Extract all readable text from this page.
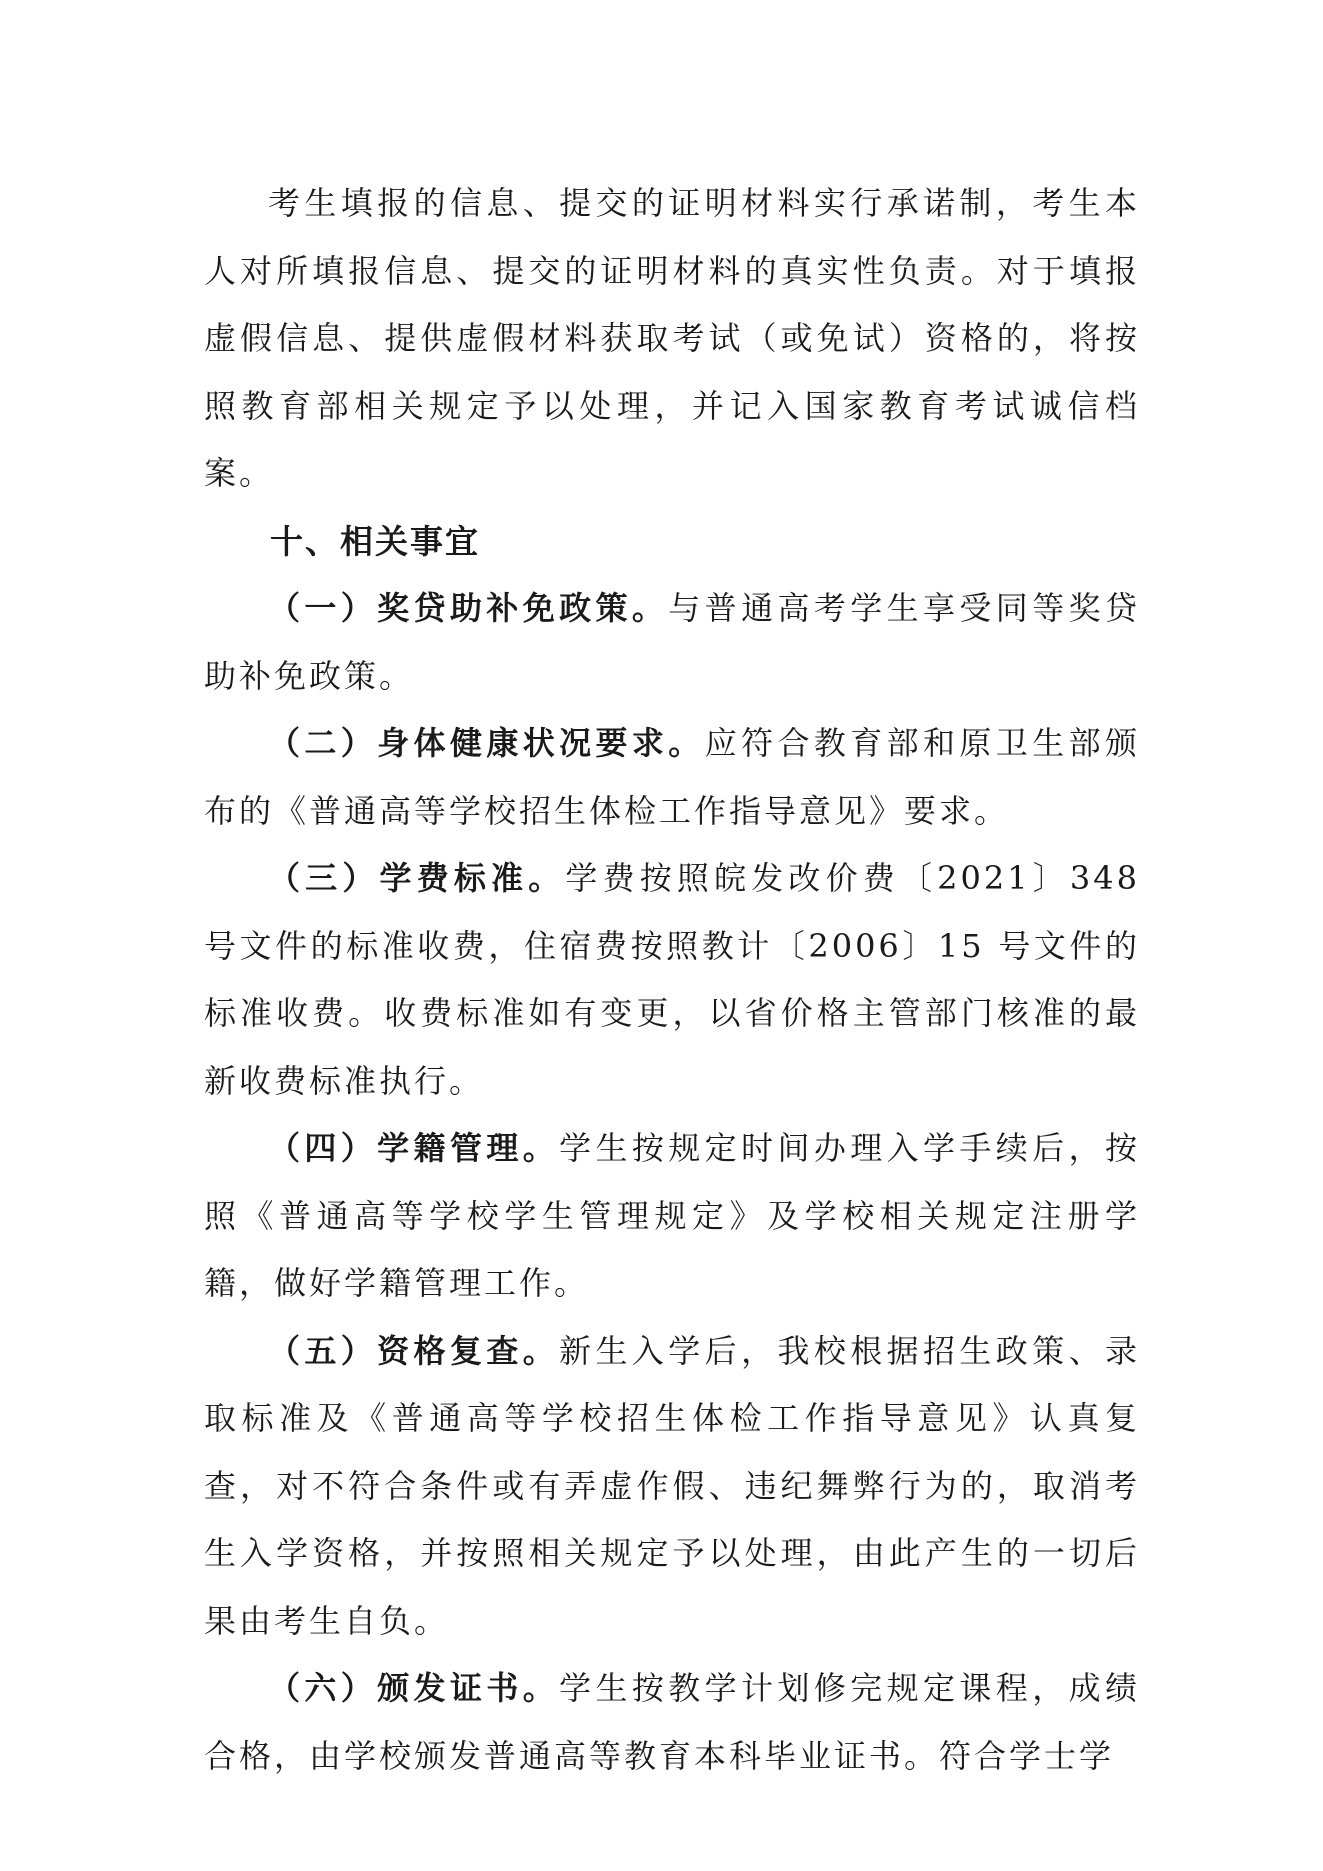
考生填报的信息、提交的证明材料实行承诺制，考生本人对所填报信息、提交的证明材料的真实性负责。对于填报虚假信息、提供虚假材料获取考试（或免试）资格的，将按照教育部相关规定予以处理，并记入国家教育考试诚信档案。

十、相关事宜

（一）奖贷助补免政策。与普通高考学生享受同等奖贷助补免政策。

（二）身体健康状况要求。应符合教育部和原卫生部颁布的《普通高等学校招生体检工作指导意见》要求。

（三）学费标准。学费按照皖发改价费〔2021〕348 号文件的标准收费，住宿费按照教计〔2006〕15 号文件的标准收费。收费标准如有变更，以省价格主管部门核准的最新收费标准执行。

（四）学籍管理。学生按规定时间办理入学手续后，按照《普通高等学校学生管理规定》及学校相关规定注册学籍，做好学籍管理工作。

（五）资格复查。新生入学后，我校根据招生政策、录取标准及《普通高等学校招生体检工作指导意见》认真复查，对不符合条件或有弄虚作假、违纪舞弊行为的，取消考生入学资格，并按照相关规定予以处理，由此产生的一切后果由考生自负。

（六）颁发证书。学生按教学计划修完规定课程，成绩合格，由学校颁发普通高等教育本科毕业证书。符合学士学
